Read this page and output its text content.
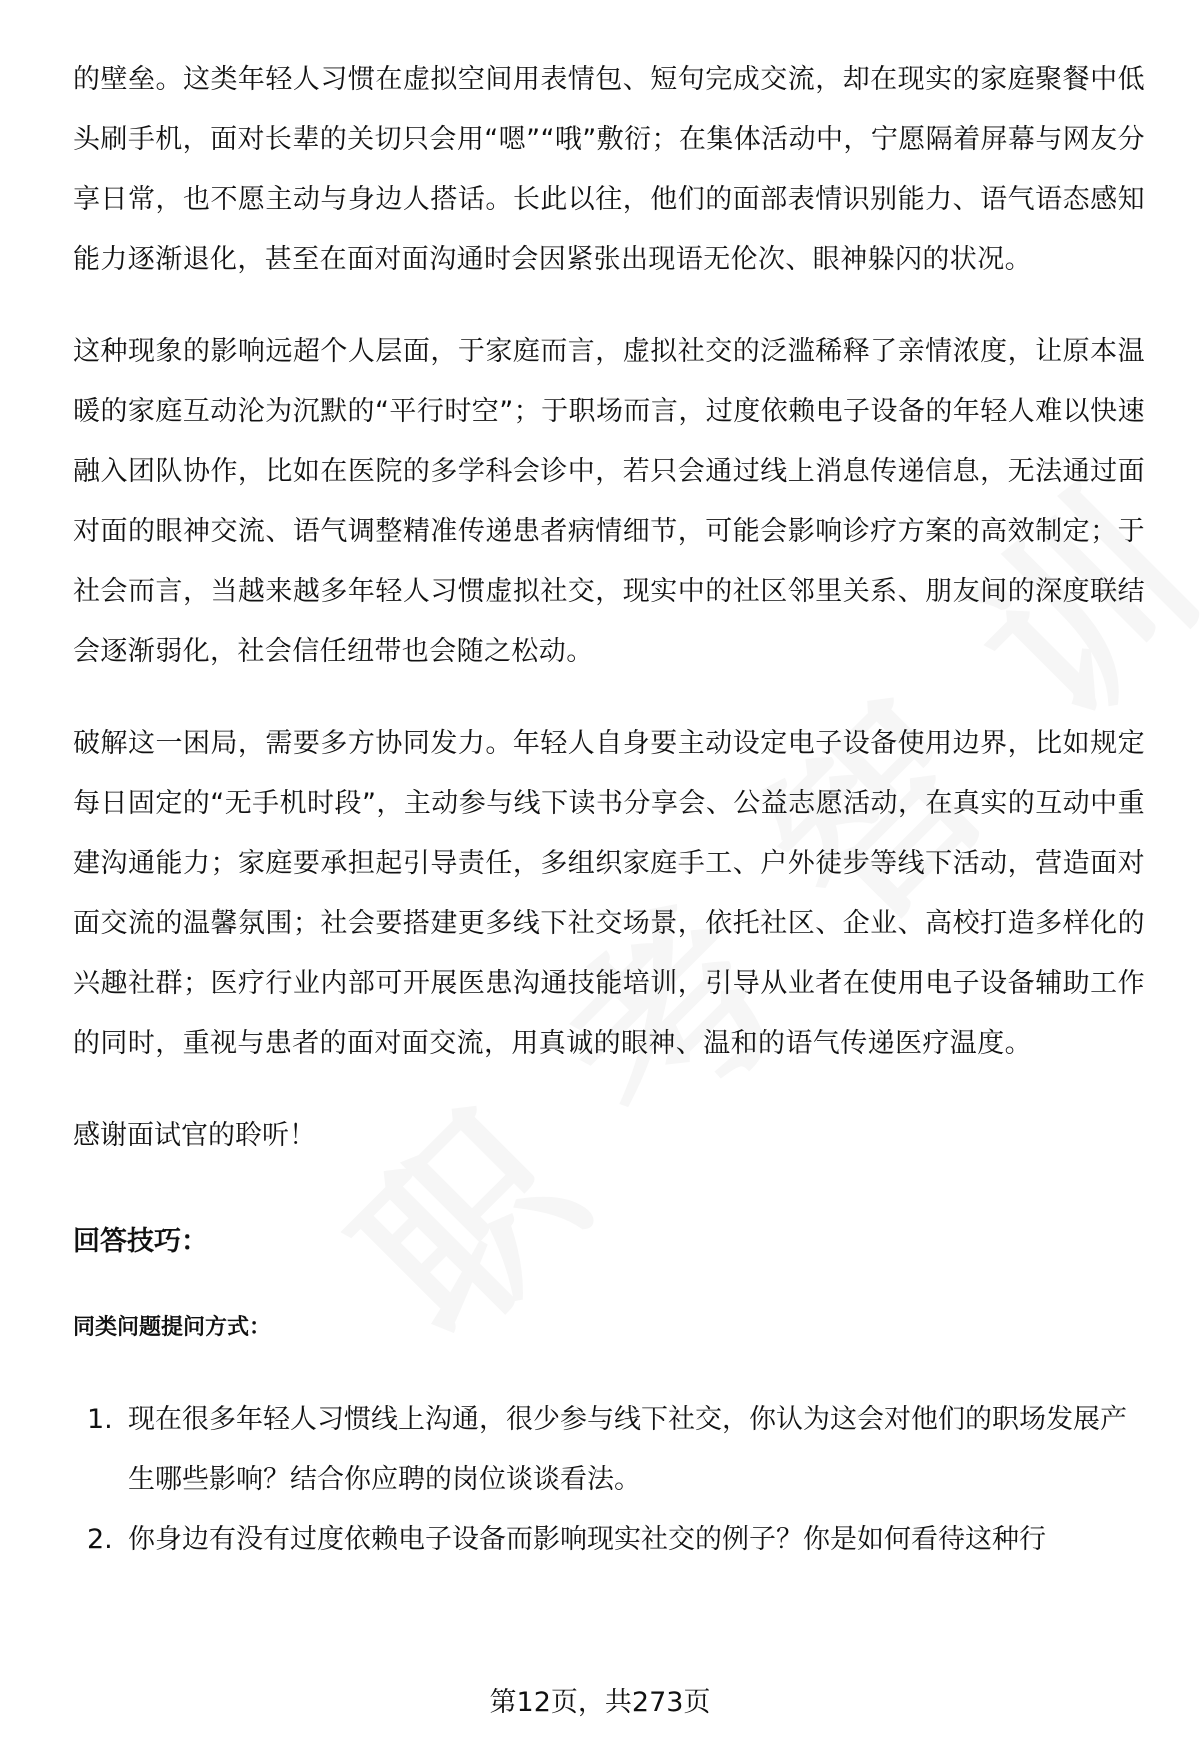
的壁垒。这类年轻人习惯在虚拟空间用表情包、短句完成交流，却在现实的家庭聚餐中低头刷手机，面对长辈的关切只会用“嗯”“哦”敷衍；在集体活动中，宁愿隔着屏幕与网友分享日常，也不愿主动与身边人搭话。长此以往，他们的面部表情识别能力、语气语态感知能力逐渐退化，甚至在面对面沟通时会因紧张出现语无伦次、眼神躲闪的状况。

这种现象的影响远超个人层面，于家庭而言，虚拟社交的泛滥稀释了亲情浓度，让原本温暖的家庭互动沦为沉默的“平行时空”；于职场而言，过度依赖电子设备的年轻人难以快速融入团队协作，比如在医院的多学科会诊中，若只会通过线上消息传递信息，无法通过面对面的眼神交流、语气调整精准传递患者病情细节，可能会影响诊疗方案的高效制定；于社会而言，当越来越多年轻人习惯虚拟社交，现实中的社区邻里关系、朋友间的深度联结会逐渐弱化，社会信任纽带也会随之松动。

破解这一困局，需要多方协同发力。年轻人自身要主动设定电子设备使用边界，比如规定每日固定的“无手机时段”，主动参与线下读书分享会、公益志愿活动，在真实的互动中重建沟通能力；家庭要承担起引导责任，多组织家庭手工、户外徒步等线下活动，营造面对面交流的温馨氛围；社会要搭建更多线下社交场景，依托社区、企业、高校打造多样化的兴趣社群；医疗行业内部可开展医患沟通技能培训，引导从业者在使用电子设备辅助工作的同时，重视与患者的面对面交流，用真诚的眼神、温和的语气传递医疗温度。

感谢面试官的聆听！

回答技巧：
同类问题提问方式：
1. 现在很多年轻人习惯线上沟通，很少参与线下社交，你认为这会对他们的职场发展产生哪些影响？结合你应聘的岗位谈谈看法。
2. 你身边有没有过度依赖电子设备而影响现实社交的例子？你是如何看待这种行
第12页，共273页
